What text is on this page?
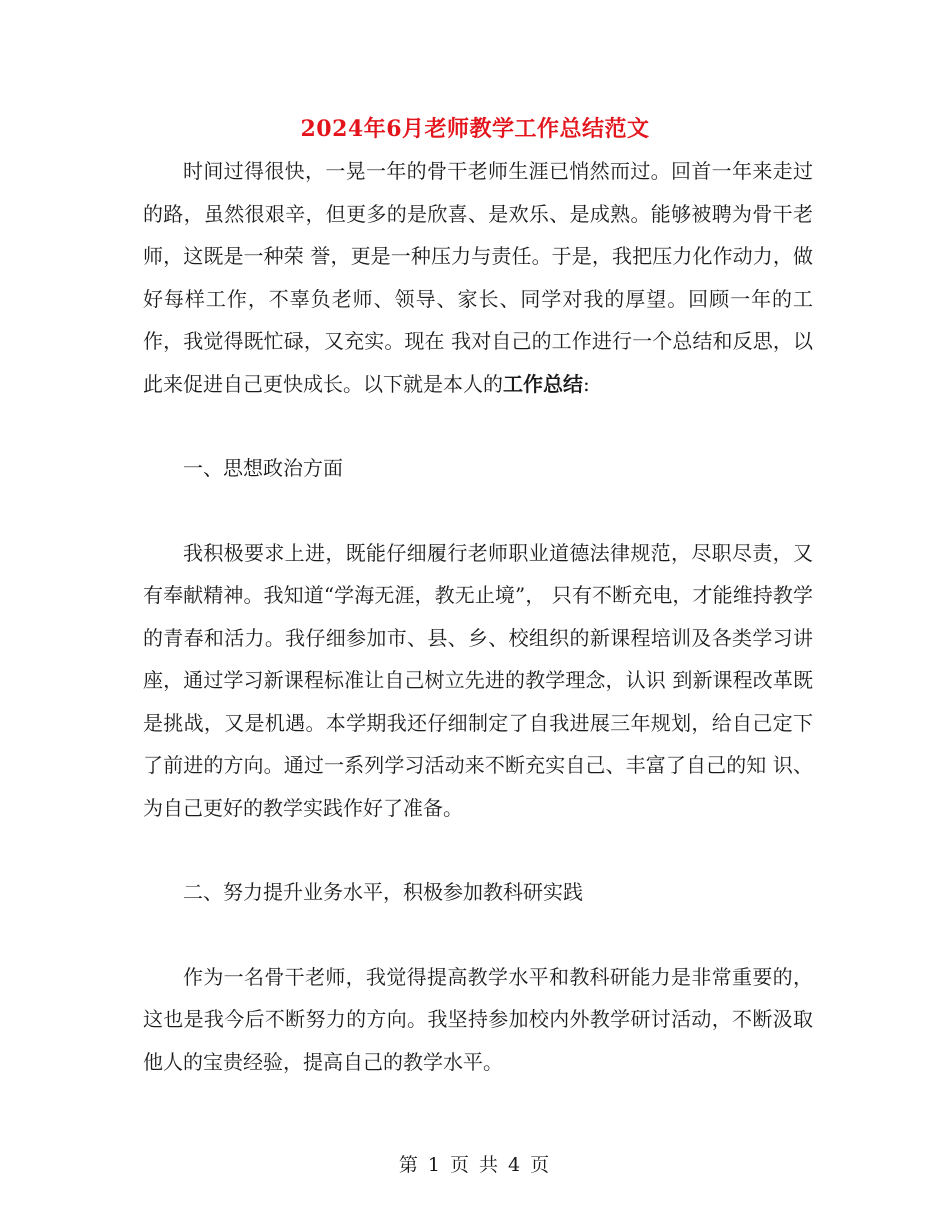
2024年6月老师教学工作总结范文

时间过得很快，一晃一年的骨干老师生涯已悄然而过。回首一年来走过的路，虽然很艰辛，但更多的是欣喜、是欢乐、是成熟。能够被聘为骨干老师，这既是一种荣 誉，更是一种压力与责任。于是，我把压力化作动力，做好每样工作，不辜负老师、领导、家长、同学对我的厚望。回顾一年的工作，我觉得既忙碌，又充实。现在 我对自己的工作进行一个总结和反思，以此来促进自己更快成长。以下就是本人的工作总结:

一、思想政治方面

我积极要求上进，既能仔细履行老师职业道德法律规范，尽职尽责，又有奉献精神。我知道“学海无涯，教无止境”， 只有不断充电，才能维持教学的青春和活力。我仔细参加市、县、乡、校组织的新课程培训及各类学习讲座，通过学习新课程标准让自己树立先进的教学理念，认识 到新课程改革既是挑战，又是机遇。本学期我还仔细制定了自我进展三年规划，给自己定下了前进的方向。通过一系列学习活动来不断充实自己、丰富了自己的知 识、为自己更好的教学实践作好了准备。

二、努力提升业务水平，积极参加教科研实践

作为一名骨干老师，我觉得提高教学水平和教科研能力是非常重要的，这也是我今后不断努力的方向。我坚持参加校内外教学研讨活动，不断汲取他人的宝贵经验，提高自己的教学水平。

第 1 页 共 4 页
